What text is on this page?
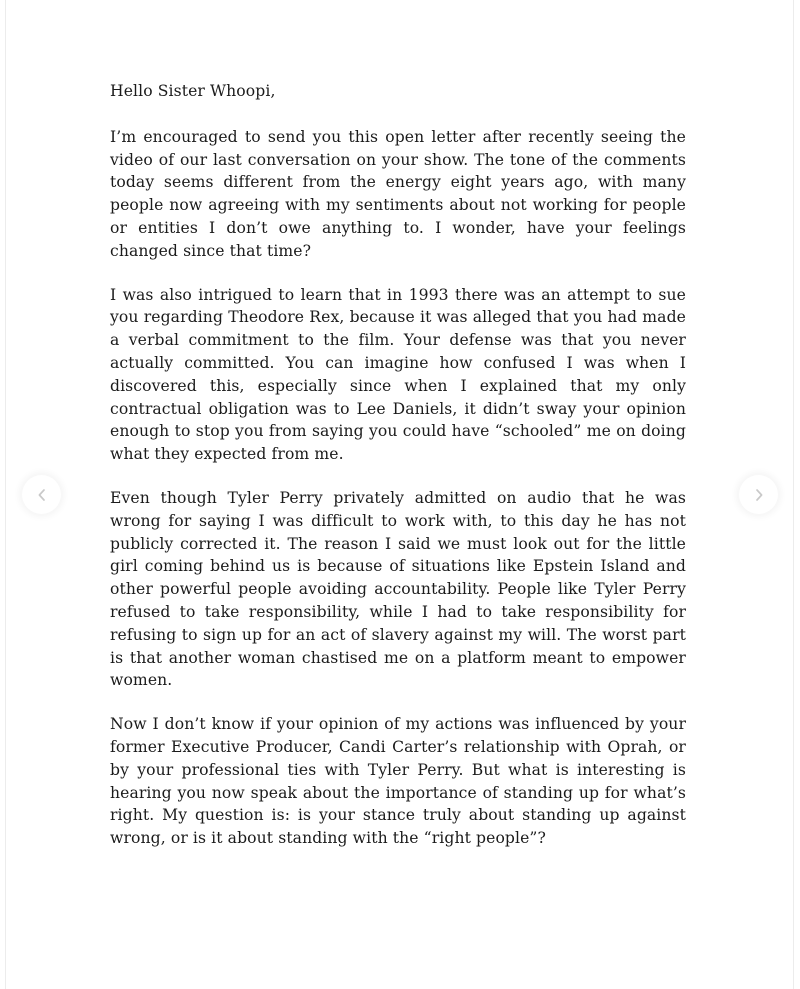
Hello Sister Whoopi,

I’m encouraged to send you this open letter after recently seeing the video of our last conversation on your show. The tone of the comments today seems different from the energy eight years ago, with many people now agreeing with my sentiments about not working for people or entities I don’t owe anything to. I wonder, have your feelings changed since that time?

I was also intrigued to learn that in 1993 there was an attempt to sue you regarding Theodore Rex, because it was alleged that you had made a verbal commitment to the film. Your defense was that you never actually committed. You can imagine how confused I was when I discovered this, especially since when I explained that my only contractual obligation was to Lee Daniels, it didn’t sway your opinion enough to stop you from saying you could have “schooled” me on doing what they expected from me.

Even though Tyler Perry privately admitted on audio that he was wrong for saying I was difficult to work with, to this day he has not publicly corrected it. The reason I said we must look out for the little girl coming behind us is because of situations like Epstein Island and other powerful people avoiding accountability. People like Tyler Perry refused to take responsibility, while I had to take responsibility for refusing to sign up for an act of slavery against my will. The worst part is that another woman chastised me on a platform meant to empower women.

Now I don’t know if your opinion of my actions was influenced by your former Executive Producer, Candi Carter’s relationship with Oprah, or by your professional ties with Tyler Perry. But what is interesting is hearing you now speak about the importance of standing up for what’s right. My question is: is your stance truly about standing up against wrong, or is it about standing with the “right people”?
